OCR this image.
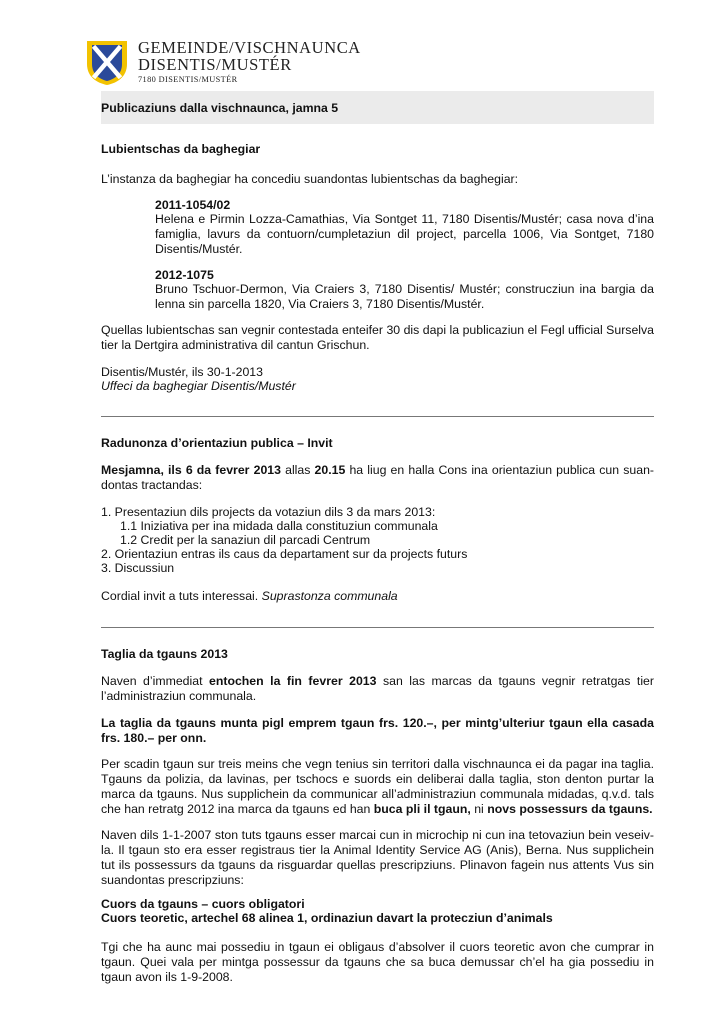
GEMEINDE/VISCHNAUNCA
DISENTIS/MUSTÉR
7180 DISENTIS/MUSTÉR
Publicaziuns dalla vischnaunca, jamna 5
Lubientschas da baghegiar
L’instanza da baghegiar ha concediu suandontas lubientschas da baghegiar:
2011-1054/02
Helena e Pirmin Lozza-Camathias, Via Sontget 11, 7180 Disentis/Mustér; casa nova d’ina famiglia, lavurs da contuorn/cumpletaziun dil project, parcella 1006, Via Sontget, 7180 Disentis/Mustér.
2012-1075
Bruno Tschuor-Dermon, Via Craiers 3, 7180 Disentis/ Mustér; construcziun ina bargia da lenna sin parcella 1820, Via Craiers 3, 7180 Disentis/Mustér.
Quellas lubientschas san vegnir contestada enteifer 30 dis dapi la publicaziun el Fegl ufficial Surselva tier la Dertgira administrativa dil cantun Grischun.
Disentis/Mustér, ils 30-1-2013
Uffeci da baghegiar Disentis/Mustér
Radunonza d’orientaziun publica – Invit
Mesjamna, ils 6 da fevrer 2013 allas 20.15 ha liug en halla Cons ina orientaziun publica cun suan-dontas tractandas:
1. Presentaziun dils projects da votaziun dils 3 da mars 2013:
1.1 Iniziativa per ina midada dalla constituziun communala
1.2 Credit per la sanaziun dil parcadi Centrum
2. Orientaziun entras ils caus da departament sur da projects futurs
3. Discussiun
Cordial invit a tuts interessai. Suprastonza communala
Taglia da tgauns 2013
Naven d’immediat entochen la fin fevrer 2013 san las marcas da tgauns vegnir retratgas tier l’administraziun communala.
La taglia da tgauns munta pigl emprem tgaun frs. 120.–, per mintg’ulteriur tgaun ella casada frs. 180.– per onn.
Per scadin tgaun sur treis meins che vegn tenius sin territori dalla vischnaunca ei da pagar ina taglia. Tgauns da polizia, da lavinas, per tschocs e suords ein deliberai dalla taglia, ston denton purtar la marca da tgauns. Nus supplichein da communicar all’administraziun communala midadas, q.v.d. tals che han retratg 2012 ina marca da tgauns ed han buca pli il tgaun, ni novs possessurs da tgauns.
Naven dils 1-1-2007 ston tuts tgauns esser marcai cun in microchip ni cun ina tetovaziun bein veseiv-la. Il tgaun sto era esser registraus tier la Animal Identity Service AG (Anis), Berna. Nus supplichein tut ils possessurs da tgauns da risguardar quellas prescripziuns. Plinavon fagein nus attents Vus sin suandontas prescripziuns:
Cuors da tgauns – cuors obligatori
Cuors teoretic, artechel 68 alinea 1, ordinaziun davart la protecziun d’animals
Tgi che ha aunc mai possediu in tgaun ei obligaus d’absolver il cuors teoretic avon che cumprar in tgaun. Quei vala per mintga possessur da tgauns che sa buca demussar ch’el ha gia possediu in tgaun avon ils 1-9-2008.
